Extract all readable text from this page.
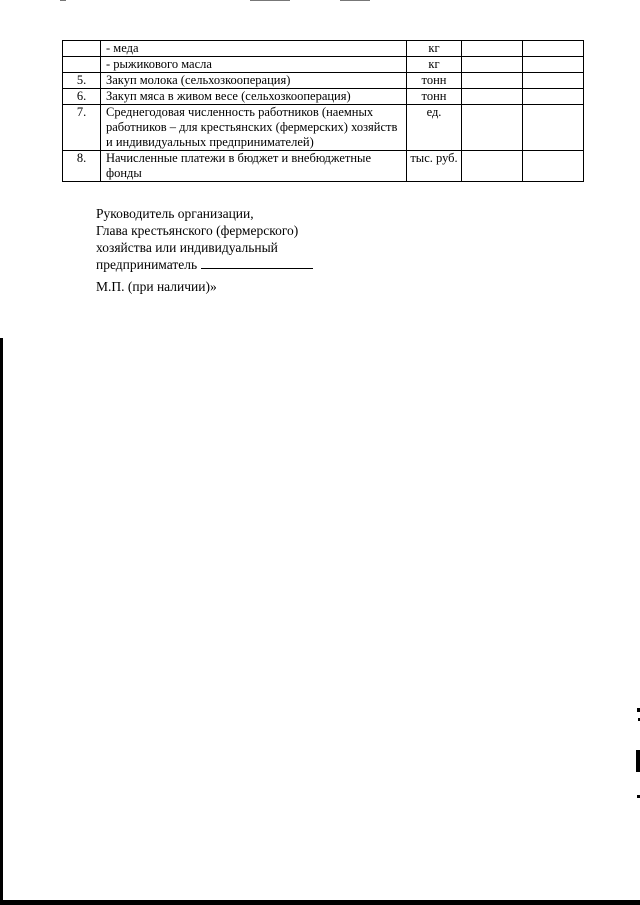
	- меда	кг		
	- рыжикового масла	кг		
5.	Закуп молока (сельхозкооперация)	тонн		
6.	Закуп мяса в живом весе (сельхозкооперация)	тонн		
7.	Среднегодовая численность работников (наемных работников – для крестьянских (фермерских) хозяйств и индивидуальных предпринимателей)	ед.		
8.	Начисленные платежи в бюджет и внебюджетные фонды	тыс. руб.		
Руководитель организации,
Глава крестьянского (фермерского)
хозяйства или индивидуальный
предприниматель
М.П. (при наличии)»
